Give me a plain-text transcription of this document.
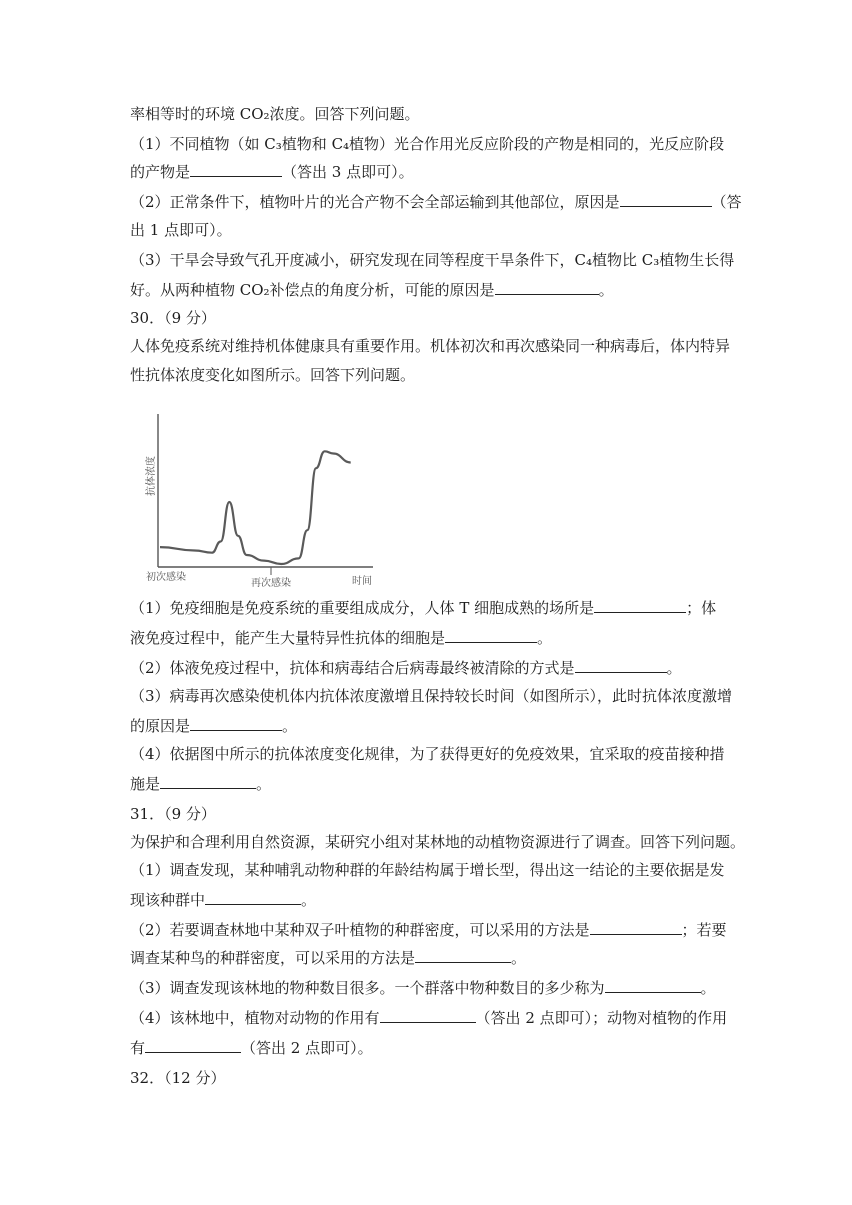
率相等时的环境 CO₂浓度。回答下列问题。
（1）不同植物（如 C₃植物和 C₄植物）光合作用光反应阶段的产物是相同的，光反应阶段
的产物是	（答出 3 点即可）。
（2）正常条件下，植物叶片的光合产物不会全部运输到其他部位，原因是	（答
出 1 点即可）。
（3）干旱会导致气孔开度减小，研究发现在同等程度干旱条件下，C₄植物比 C₃植物生长得
好。从两种植物 CO₂补偿点的角度分析，可能的原因是	。
30．（9 分）
人体免疫系统对维持机体健康具有重要作用。机体初次和再次感染同一种病毒后，体内特异
性抗体浓度变化如图所示。回答下列问题。
抗体浓度
时间
初次感染
再次感染
（1）免疫细胞是免疫系统的重要组成成分，人体 T 细胞成熟的场所是	；体
液免疫过程中，能产生大量特异性抗体的细胞是	。
（2）体液免疫过程中，抗体和病毒结合后病毒最终被清除的方式是	。
（3）病毒再次感染使机体内抗体浓度激增且保持较长时间（如图所示），此时抗体浓度激增
的原因是	。
（4）依据图中所示的抗体浓度变化规律，为了获得更好的免疫效果，宜采取的疫苗接种措
施是	。
31．（9 分）
为保护和合理利用自然资源，某研究小组对某林地的动植物资源进行了调查。回答下列问题。
（1）调查发现，某种哺乳动物种群的年龄结构属于增长型，得出这一结论的主要依据是发
现该种群中	。
（2）若要调查林地中某种双子叶植物的种群密度，可以采用的方法是	；若要
调查某种鸟的种群密度，可以采用的方法是	。
（3）调查发现该林地的物种数目很多。一个群落中物种数目的多少称为	。
（4）该林地中，植物对动物的作用有	（答出 2 点即可）；动物对植物的作用
有	（答出 2 点即可）。
32．（12 分）
